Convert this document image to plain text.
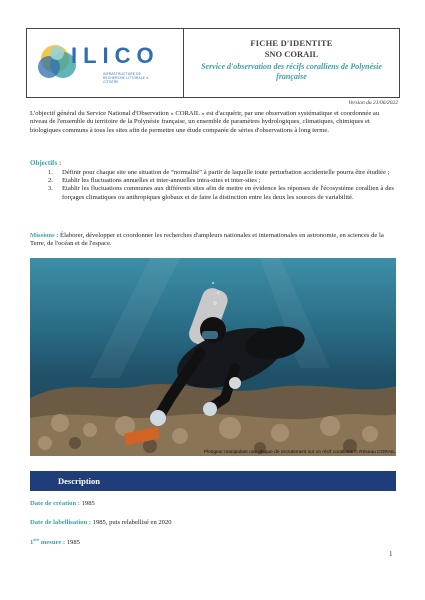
ILICO
INFRASTRUCTURE DE RECHERCHE LITTORALE & CÔTIÈRE
FICHE D'IDENTITE
SNO CORAIL
Service d'observation des récifs coralliens de Polynésie française
Version du 21/06/2022
L'objectif général du Service National d'Observation « CORAIL » est d'acquérir, par une observation systématique et coordonnée au niveau de l'ensemble du territoire de la Polynésie française, un ensemble de paramètres hydrologiques, climatiques, chimiques et biologiques communs à tous les sites afin de permettre une étude comparée de séries d'observations à long terme.
Objectifs :
1. Définir pour chaque site une situation de “normalité” à partir de laquelle toute perturbation accidentelle pourra être étudiée ;
2. Etablir les fluctuations annuelles et inter-annuelles intra-sites et inter-sites ;
3. Etablir les fluctuations communes aux différents sites afin de mettre en évidence les réponses de l'écosystème corallien à des forçages climatiques ou anthropiques globaux et de faire la distinction entre les deux les sources de variabilité.
Missions : Élaborer, développer et coordonner les recherches d'ampleurs nationales et internationales en astronomie, en sciences de la Terre, de l'océan et de l'espace.
Plongeur manipulant une plaque de recrutement sur un récif coralliens © Réseau CORAIL
Description
Date de création : 1985
Date de labellisation : 1985, puis relabellisé en 2020
1ère mesure : 1985
1
